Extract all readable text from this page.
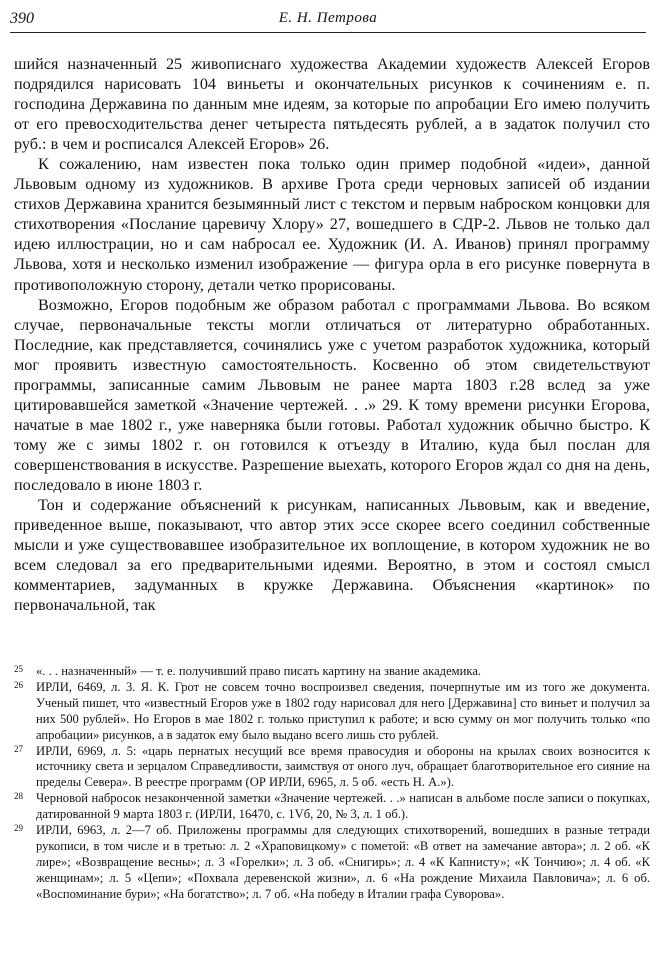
390	Е. Н. Петрова

шийся назначенный 25 живописнаго художества Академии художеств Алексей Егоров подрядился нарисовать 104 виньеты и окончательных рисунков к сочинениям е. п. господина Державина по данным мне идеям, за которые по апробации Его имею получить от его превосходительства денег четыреста пятьдесять рублей, а в задаток получил сто руб.: в чем и росписался Алексей Егоров» 26.

К сожалению, нам известен пока только один пример подобной «идеи», данной Львовым одному из художников. В архиве Грота среди черновых записей об издании стихов Державина хранится безымянный лист с текстом и первым наброском концовки для стихотворения «Послание царевичу Хлору» 27, вошедшего в СДР-2. Львов не только дал идею иллюстрации, но и сам набросал ее. Художник (И. А. Иванов) принял программу Львова, хотя и несколько изменил изображение — фигура орла в его рисунке повернута в противоположную сторону, детали четко прорисованы.

Возможно, Егоров подобным же образом работал с программами Львова. Во всяком случае, первоначальные тексты могли отличаться от литературно обработанных. Последние, как представляется, сочинялись уже с учетом разработок художника, который мог проявить известную самостоятельность. Косвенно об этом свидетельствуют программы, записанные самим Львовым не ранее марта 1803 г.28 вслед за уже цитировавшейся заметкой «Значение чертежей. . .» 29. К тому времени рисунки Егорова, начатые в мае 1802 г., уже наверняка были готовы. Работал художник обычно быстро. К тому же с зимы 1802 г. он готовился к отъезду в Италию, куда был послан для совершенствования в искусстве. Разрешение выехать, которого Егоров ждал со дня на день, последовало в июне 1803 г.

Тон и содержание объяснений к рисункам, написанных Львовым, как и введение, приведенное выше, показывают, что автор этих эссе скорее всего соединил собственные мысли и уже существовавшее изобразительное их воплощение, в котором художник не во всем следовал за его предварительными идеями. Вероятно, в этом и состоял смысл комментариев, задуманных в кружке Державина. Объяснения «картинок» по первоначальной, так

25 «. . . назначенный» — т. е. получивший право писать картину на звание академика.

26 ИРЛИ, 6469, л. 3. Я. К. Грот не совсем точно воспроизвел сведения, почерпнутые им из того же документа. Ученый пишет, что «известный Егоров уже в 1802 году нарисовал для него [Державина] сто виньет и получил за них 500 рублей». Но Егоров в мае 1802 г. только приступил к работе; и всю сумму он мог получить только «по апробации» рисунков, а в задаток ему было выдано всего лишь сто рублей.

27 ИРЛИ, 6969, л. 5: «царь пернатых несущий все время правосудия и обороны на крылах своих возносится к источнику света и зерцалом Справедливости, заимствуя от оного луч, обращает благотворительное его сияние на пределы Севера». В реестре программ (ОР ИРЛИ, 6965, л. 5 об. «есть Н. А.»).

28 Черновой набросок незаконченной заметки «Значение чертежей. . .» написан в альбоме после записи о покупках, датированной 9 марта 1803 г. (ИРЛИ, 16470, с. 1Vб, 20, № 3, л. 1 об.).

29 ИРЛИ, 6963, л. 2—7 об. Приложены программы для следующих стихотворений, вошедших в разные тетради рукописи, в том числе и в третью: л. 2 «Храповицкому» с пометой: «В ответ на замечание автора»; л. 2 об. «К лире»; «Возвращение весны»; л. 3 «Горелки»; л. 3 об. «Снигирь»; л. 4 «К Капнисту»; «К Тончию»; л. 4 об. «К женщинам»; л. 5 «Цепи»; «Похвала деревенской жизни», л. 6 «На рождение Михаила Павловича»; л. 6 об. «Воспоминание бури»; «На богатство»; л. 7 об. «На победу в Италии графа Суворова».
